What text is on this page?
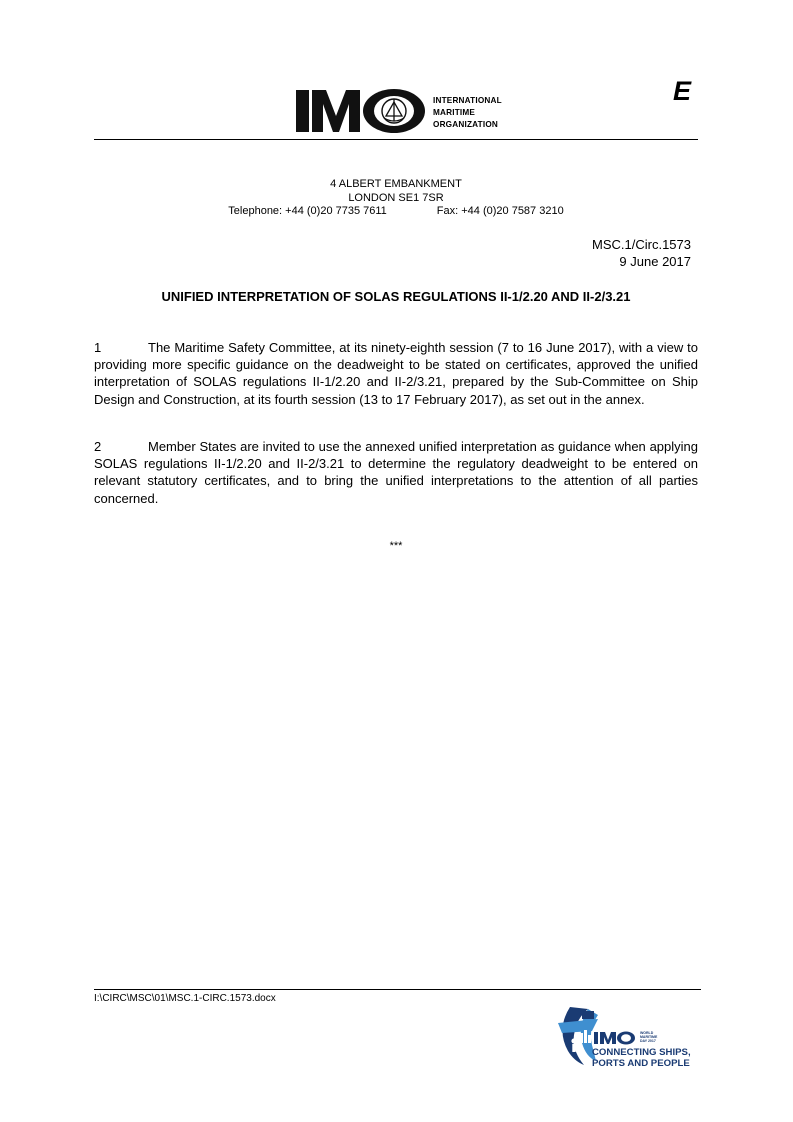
INTERNATIONAL
MARITIME
ORGANIZATION
E
4 ALBERT EMBANKMENT
LONDON SE1 7SR
Telephone: +44 (0)20 7735 7611	Fax: +44 (0)20 7587 3210
MSC.1/Circ.1573
9 June 2017
UNIFIED INTERPRETATION OF SOLAS REGULATIONS II-1/2.20 AND II-2/3.21
1	The Maritime Safety Committee, at its ninety-eighth session (7 to 16 June 2017), with a view to providing more specific guidance on the deadweight to be stated on certificates, approved the unified interpretation of SOLAS regulations II-1/2.20 and II-2/3.21, prepared by the Sub-Committee on Ship Design and Construction, at its fourth session (13 to 17 February 2017), as set out in the annex.
2	Member States are invited to use the annexed unified interpretation as guidance when applying SOLAS regulations II-1/2.20 and II-2/3.21 to determine the regulatory deadweight to be entered on relevant statutory certificates, and to bring the unified interpretations to the attention of all parties concerned.
***
I:\CIRC\MSC\01\MSC.1-CIRC.1573.docx
WORLD
MARITIME
DAY 2017
CONNECTING SHIPS,
PORTS AND PEOPLE
